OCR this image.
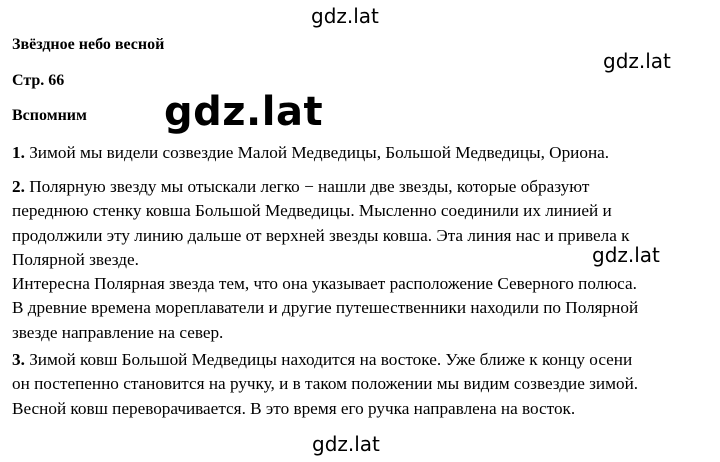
Звёздное небо весной
Стр. 66
Вспомним
1. Зимой мы видели созвездие Малой Медведицы, Большой Медведицы, Ориона.
2. Полярную звезду мы отыскали легко − нашли две звезды, которые образуют
переднюю стенку ковша Большой Медведицы. Мысленно соединили их линией и
продолжили эту линию дальше от верхней звезды ковша. Эта линия нас и привела к
Полярной звезде.
Интересна Полярная звезда тем, что она указывает расположение Северного полюса.
В древние времена мореплаватели и другие путешественники находили по Полярной
звезде направление на север.
3. Зимой ковш Большой Медведицы находится на востоке. Уже ближе к концу осени
он постепенно становится на ручку, и в таком положении мы видим созвездие зимой.
Весной ковш переворачивается. В это время его ручка направлена на восток.
gdz.lat
gdz.lat
gdz.lat
gdz.lat
gdz.lat
